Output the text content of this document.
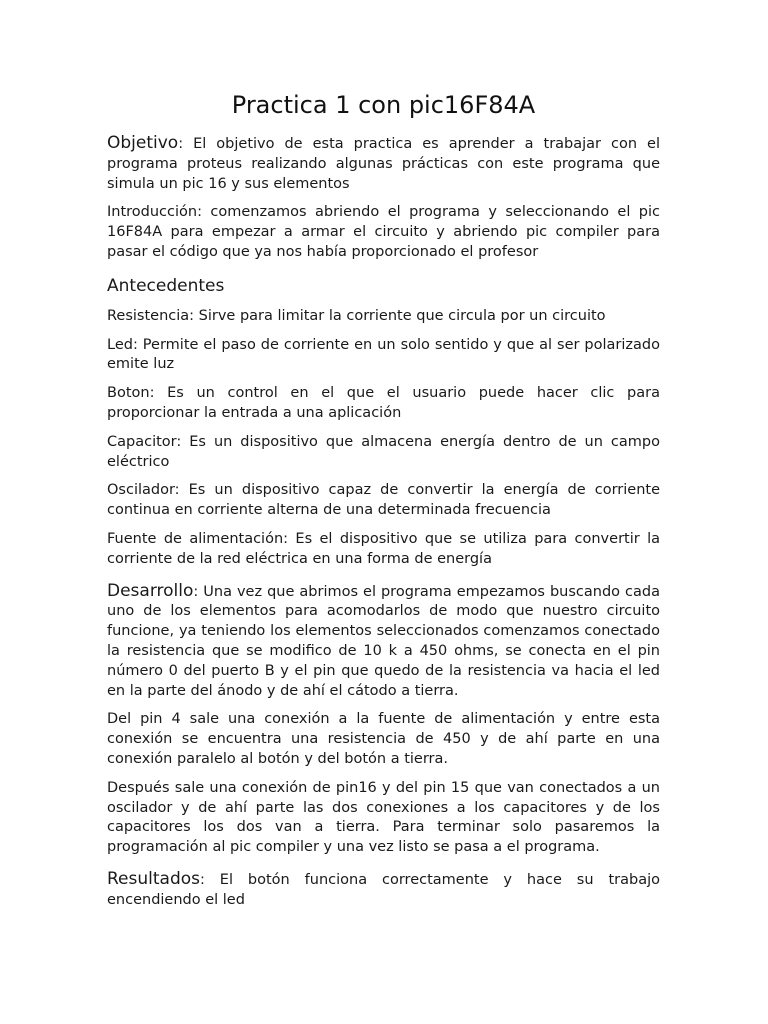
Practica 1 con pic16F84A

Objetivo: El objetivo de esta practica es aprender a trabajar con el programa proteus realizando algunas prácticas con este programa que simula un pic 16 y sus elementos

Introducción: comenzamos abriendo el programa y seleccionando el pic 16F84A para empezar a armar el circuito y abriendo pic compiler para pasar el código que ya nos había proporcionado el profesor

Antecedentes

Resistencia: Sirve para limitar la corriente que circula por un circuito

Led: Permite el paso de corriente en un solo sentido y que al ser polarizado emite luz

Boton: Es un control en el que el usuario puede hacer clic para proporcionar la entrada a una aplicación

Capacitor: Es un dispositivo que almacena energía dentro de un campo eléctrico

Oscilador: Es un dispositivo capaz de convertir la energía de corriente continua en corriente alterna de una determinada frecuencia

Fuente de alimentación: Es el dispositivo que se utiliza para convertir la corriente de la red eléctrica en una forma de energía

Desarrollo: Una vez que abrimos el programa empezamos buscando cada uno de los elementos para acomodarlos de modo que nuestro circuito funcione, ya teniendo los elementos seleccionados comenzamos conectado la resistencia que se modifico de 10 k a 450 ohms, se conecta en el pin número 0 del puerto B y el pin que quedo de la resistencia va hacia el led en la parte del ánodo y de ahí el cátodo a tierra.

Del pin 4 sale una conexión a la fuente de alimentación y entre esta conexión se encuentra una resistencia de 450 y de ahí parte en una conexión paralelo al botón y del botón a tierra.

Después sale una conexión de pin16 y del pin 15 que van conectados a un oscilador y de ahí parte las dos conexiones a los capacitores y de los capacitores los dos van a tierra. Para terminar solo pasaremos la programación al pic compiler y una vez listo se pasa a el programa.

Resultados: El botón funciona correctamente y hace su trabajo encendiendo el led
